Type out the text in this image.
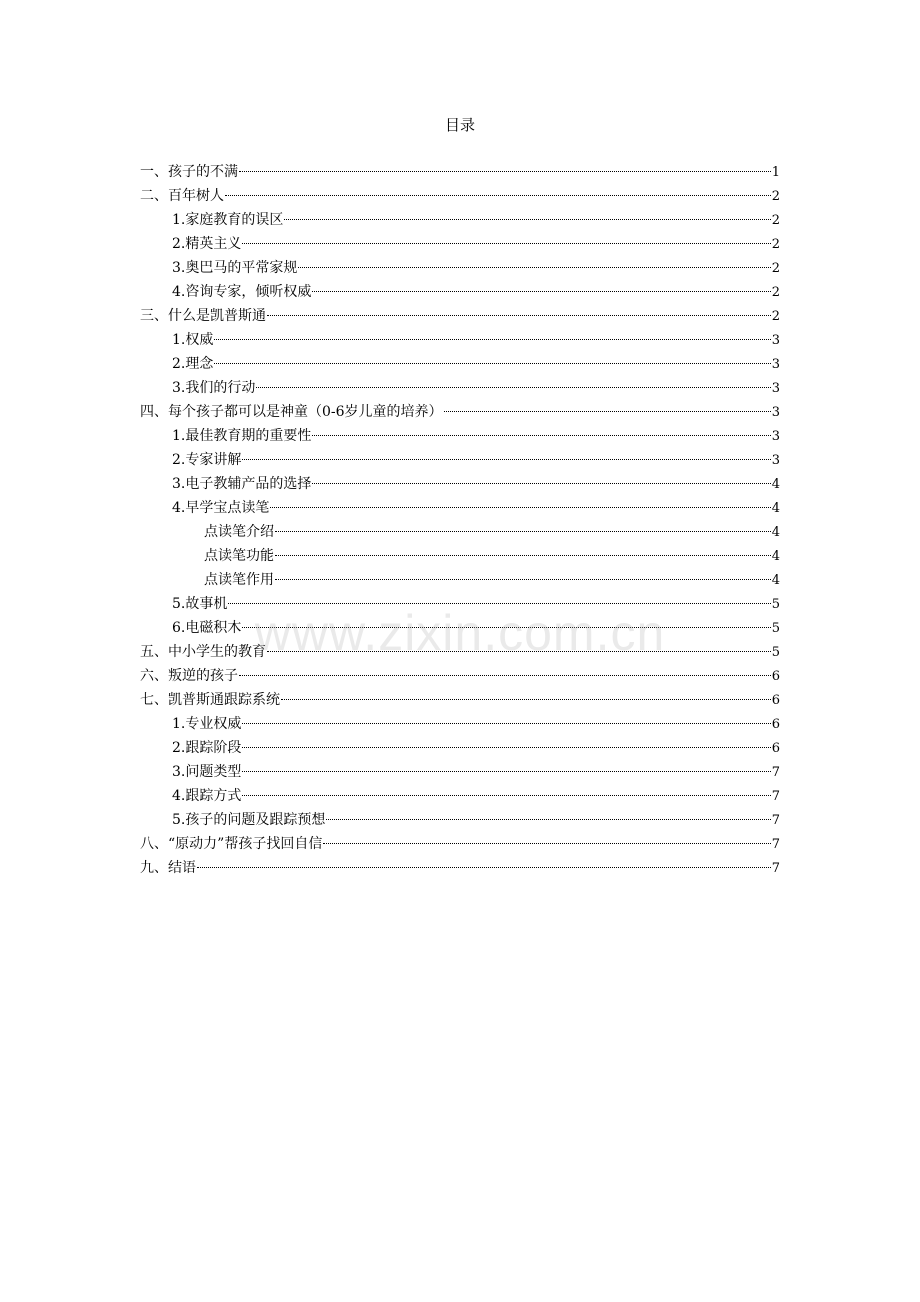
目录
一、孩子的不满	1
二、百年树人	2
1.家庭教育的误区	2
2.精英主义	2
3.奥巴马的平常家规	2
4.咨询专家，倾听权威	2
三、什么是凯普斯通	2
1.权威	3
2.理念	3
3.我们的行动	3
四、每个孩子都可以是神童（0-6岁儿童的培养）	3
1.最佳教育期的重要性	3
2.专家讲解	3
3.电子教辅产品的选择	4
4.早学宝点读笔	4
点读笔介绍	4
点读笔功能	4
点读笔作用	4
5.故事机	5
6.电磁积木	5
五、中小学生的教育	5
六、叛逆的孩子	6
七、凯普斯通跟踪系统	6
1.专业权威	6
2.跟踪阶段	6
3.问题类型	7
4.跟踪方式	7
5.孩子的问题及跟踪预想	7
八、“原动力”帮孩子找回自信	7
九、结语	7
www.zixin.com.cn
